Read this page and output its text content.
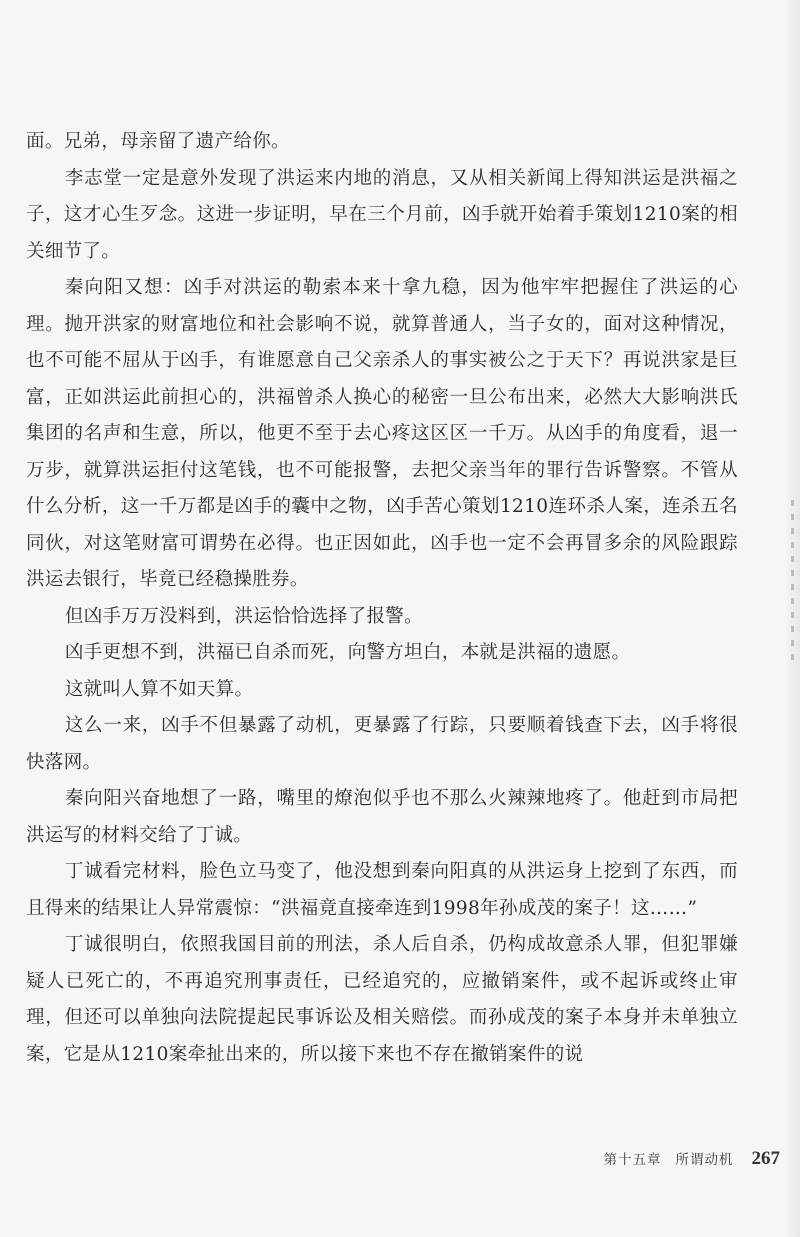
面。兄弟，母亲留了遗产给你。

李志堂一定是意外发现了洪运来内地的消息，又从相关新闻上得知洪运是洪福之子，这才心生歹念。这进一步证明，早在三个月前，凶手就开始着手策划1210案的相关细节了。

秦向阳又想：凶手对洪运的勒索本来十拿九稳，因为他牢牢把握住了洪运的心理。抛开洪家的财富地位和社会影响不说，就算普通人，当子女的，面对这种情况，也不可能不屈从于凶手，有谁愿意自己父亲杀人的事实被公之于天下？再说洪家是巨富，正如洪运此前担心的，洪福曾杀人换心的秘密一旦公布出来，必然大大影响洪氏集团的名声和生意，所以，他更不至于去心疼这区区一千万。从凶手的角度看，退一万步，就算洪运拒付这笔钱，也不可能报警，去把父亲当年的罪行告诉警察。不管从什么分析，这一千万都是凶手的囊中之物，凶手苦心策划1210连环杀人案，连杀五名同伙，对这笔财富可谓势在必得。也正因如此，凶手也一定不会再冒多余的风险跟踪洪运去银行，毕竟已经稳操胜券。

但凶手万万没料到，洪运恰恰选择了报警。

凶手更想不到，洪福已自杀而死，向警方坦白，本就是洪福的遗愿。

这就叫人算不如天算。

这么一来，凶手不但暴露了动机，更暴露了行踪，只要顺着钱查下去，凶手将很快落网。

秦向阳兴奋地想了一路，嘴里的燎泡似乎也不那么火辣辣地疼了。他赶到市局把洪运写的材料交给了丁诚。

丁诚看完材料，脸色立马变了，他没想到秦向阳真的从洪运身上挖到了东西，而且得来的结果让人异常震惊：“洪福竟直接牵连到1998年孙成茂的案子！这……”

丁诚很明白，依照我国目前的刑法，杀人后自杀，仍构成故意杀人罪，但犯罪嫌疑人已死亡的，不再追究刑事责任，已经追究的，应撤销案件，或不起诉或终止审理，但还可以单独向法院提起民事诉讼及相关赔偿。而孙成茂的案子本身并未单独立案，它是从1210案牵扯出来的，所以接下来也不存在撤销案件的说

第十五章 所谓动机 267
